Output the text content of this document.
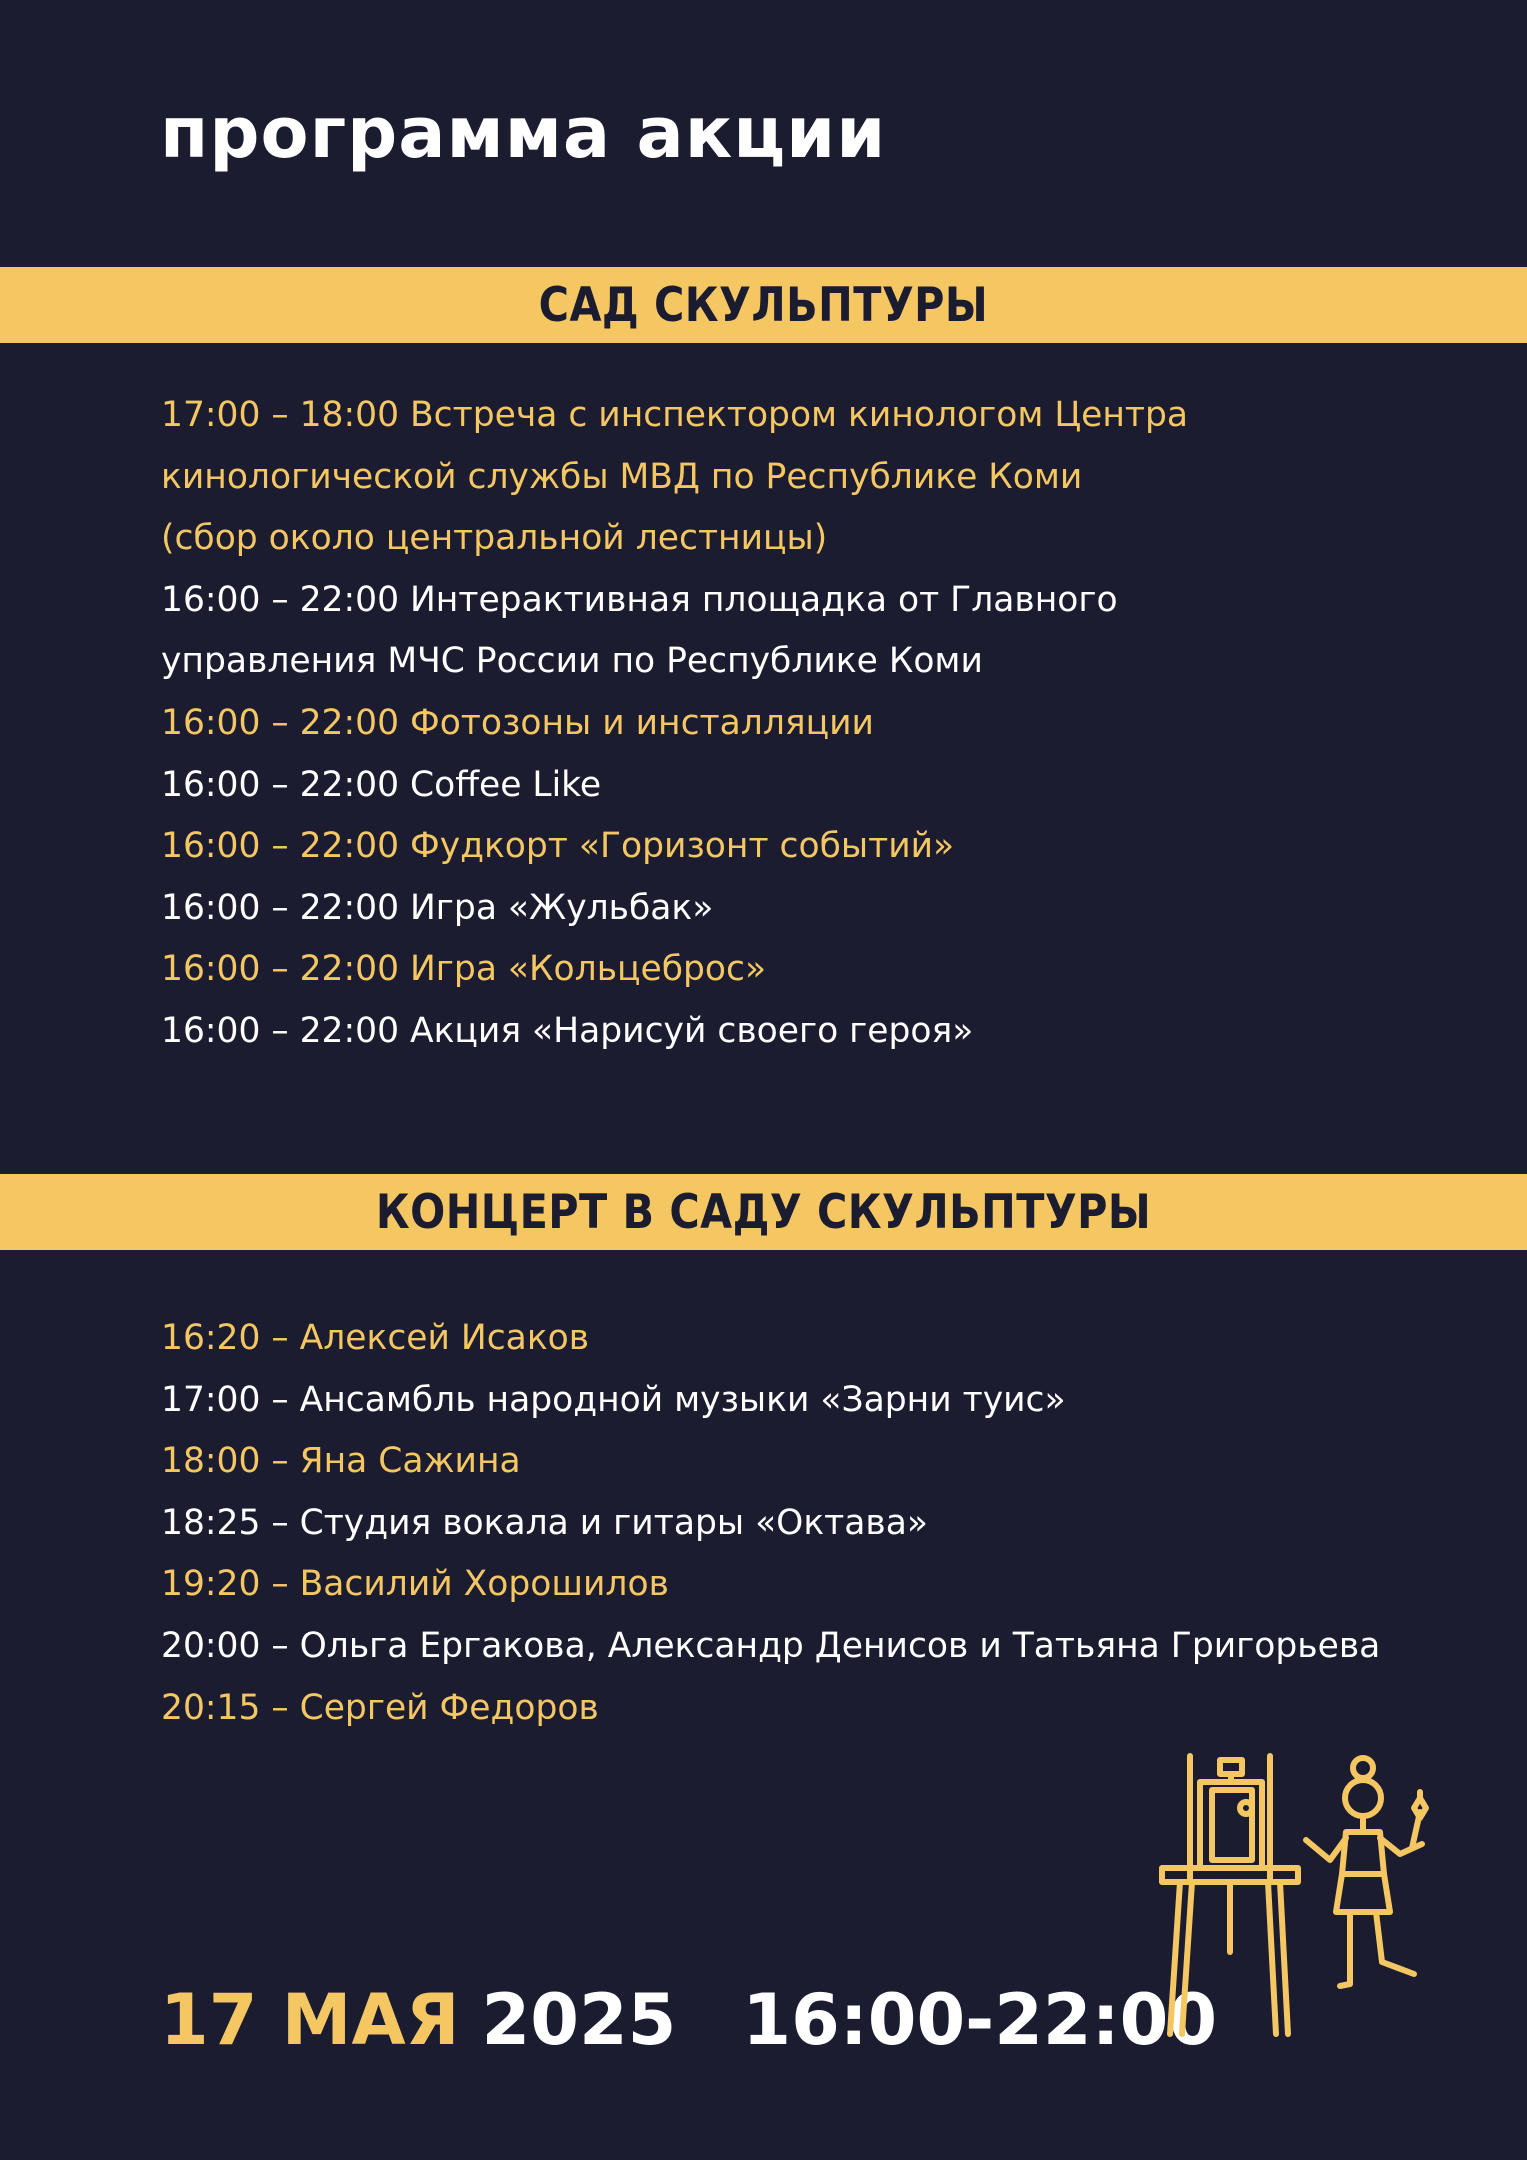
программа акции
САД СКУЛЬПТУРЫ
17:00 – 18:00 Встреча с инспектором кинологом Центра
кинологической службы МВД по Республике Коми
(сбор около центральной лестницы)
16:00 – 22:00 Интерактивная площадка от Главного
управления МЧС России по Республике Коми
16:00 – 22:00 Фотозоны и инсталляции
16:00 – 22:00 Coffee Like
16:00 – 22:00 Фудкорт «Горизонт событий»
16:00 – 22:00 Игра «Жульбак»
16:00 – 22:00 Игра «Кольцеброс»
16:00 – 22:00 Акция «Нарисуй своего героя»
КОНЦЕРТ В САДУ СКУЛЬПТУРЫ
16:20 – Алексей Исаков
17:00 – Ансамбль народной музыки «Зарни туис»
18:00 – Яна Сажина
18:25 – Студия вокала и гитары «Октава»
19:20 – Василий Хорошилов
20:00 – Ольга Ергакова, Александр Денисов и Татьяна Григорьева
20:15 – Сергей Федоров
17 МАЯ 2025 16:00-22:00
